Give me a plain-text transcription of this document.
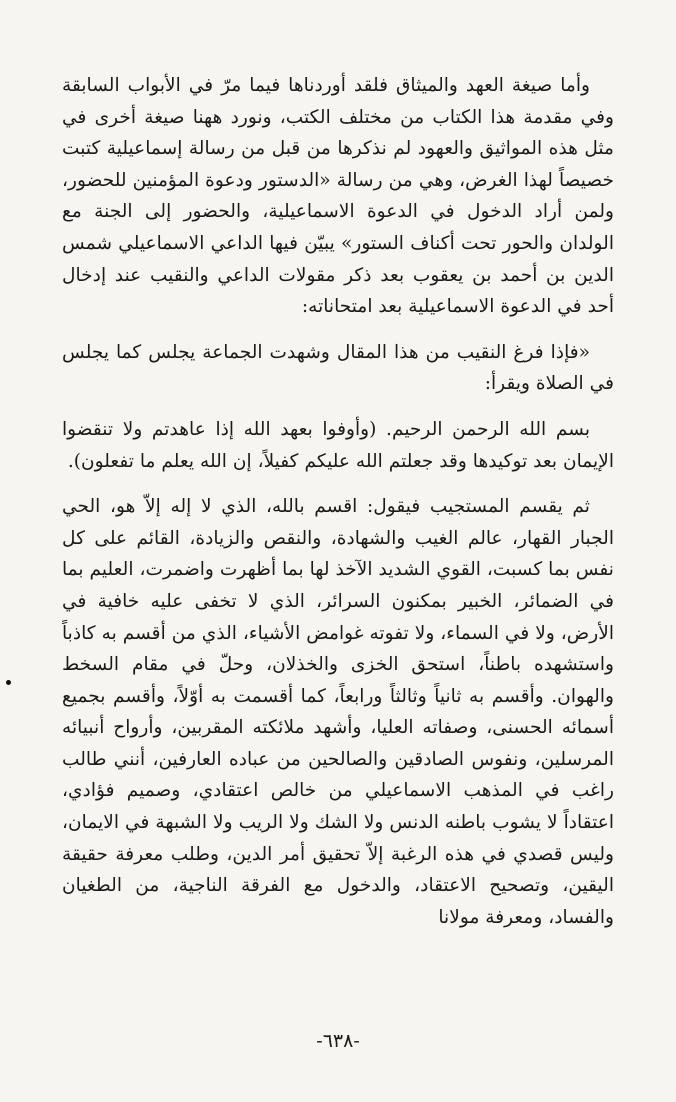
وأما صيغة العهد والميثاق فلقد أوردناها فيما مرّ في الأبواب السابقة وفي مقدمة هذا الكتاب من مختلف الكتب، ونورد ههنا صيغة أخرى في مثل هذه المواثيق والعهود لم نذكرها من قبل من رسالة إسماعيلية كتبت خصيصاً لهذا الغرض، وهي من رسالة «الدستور ودعوة المؤمنين للحضور، ولمن أراد الدخول في الدعوة الاسماعيلية، والحضور إلى الجنة مع الولدان والحور تحت أكناف الستور» يبيّن فيها الداعي الاسماعيلي شمس الدين بن أحمد بن يعقوب بعد ذكر مقولات الداعي والنقيب عند إدخال أحد في الدعوة الاسماعيلية بعد امتحاناته:

«فإذا فرغ النقيب من هذا المقال وشهدت الجماعة يجلس كما يجلس في الصلاة ويقرأ:

بسم الله الرحمن الرحيم. (وأوفوا بعهد الله إذا عاهدتم ولا تنقضوا الإيمان بعد توكيدها وقد جعلتم الله عليكم كفيلاً، إن الله يعلم ما تفعلون).

ثم يقسم المستجيب فيقول: اقسم بالله، الذي لا إله إلاّ هو، الحي الجبار القهار، عالم الغيب والشهادة، والنقص والزيادة، القائم على كل نفس بما كسبت، القوي الشديد الآخذ لها بما أظهرت واضمرت، العليم بما في الضمائر، الخبير بمكنون السرائر، الذي لا تخفى عليه خافية في الأرض، ولا في السماء، ولا تفوته غوامض الأشياء، الذي من أقسم به كاذباً واستشهده باطناً، استحق الخزى والخذلان، وحلّ في مقام السخط والهوان. وأقسم به ثانياً وثالثاً ورابعاً، كما أقسمت به أوّلاً، وأقسم بجميع أسمائه الحسنى، وصفاته العليا، وأشهد ملائكته المقربين، وأرواح أنبيائه المرسلين، ونفوس الصادقين والصالحين من عباده العارفين، أنني طالب راغب في المذهب الاسماعيلي من خالص اعتقادي، وصميم فؤادي، اعتقاداً لا يشوب باطنه الدنس ولا الشك ولا الريب ولا الشبهة في الايمان، وليس قصدي في هذه الرغبة إلاّ تحقيق أمر الدين، وطلب معرفة حقيقة اليقين، وتصحيح الاعتقاد، والدخول مع الفرقة الناجية، من الطغيان والفساد، ومعرفة مولانا

-٦٣٨-
